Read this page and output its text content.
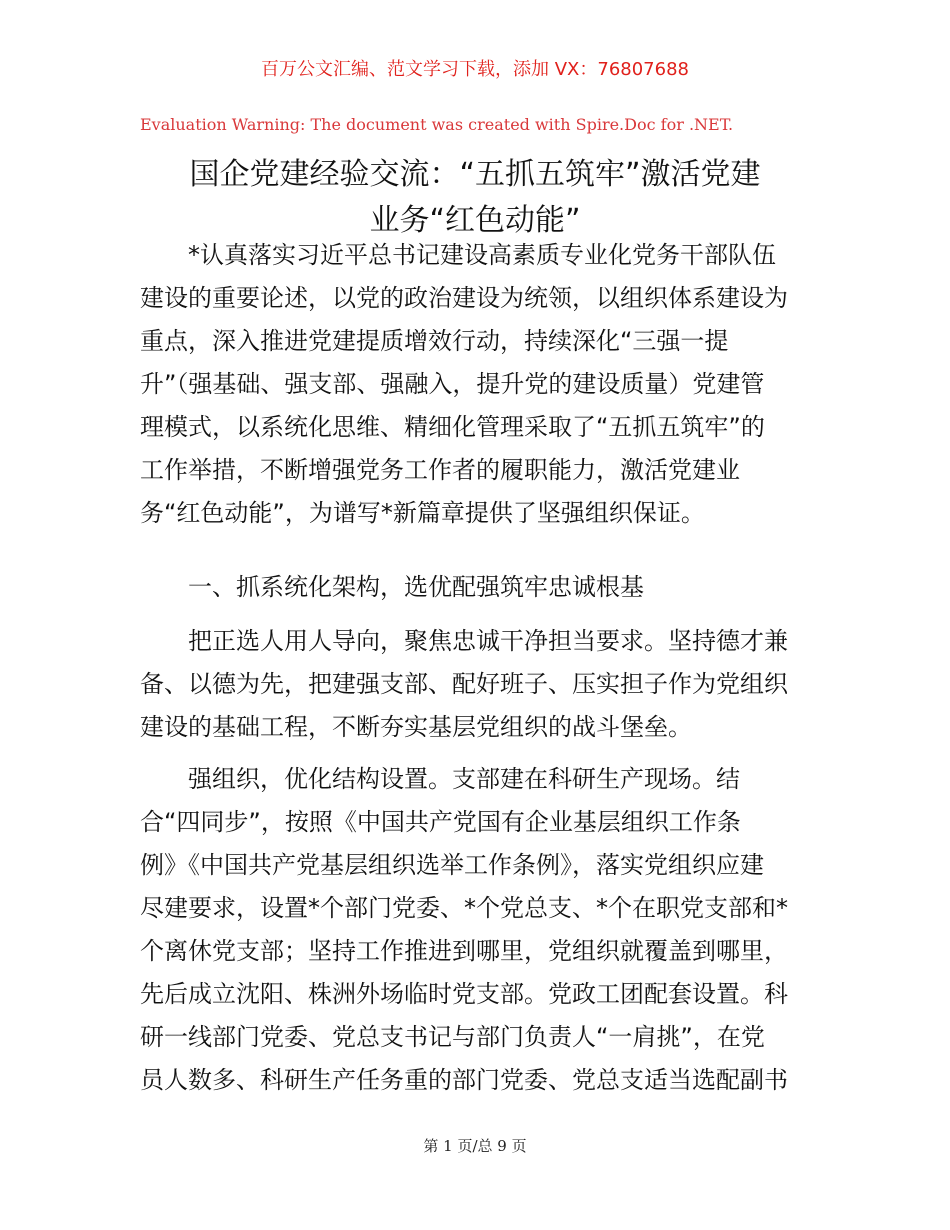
百万公文汇编、范文学习下载，添加 VX：76807688
Evaluation Warning: The document was created with Spire.Doc for .NET.
国企党建经验交流：“五抓五筑牢”激活党建
业务“红色动能”

*认真落实习近平总书记建设高素质专业化党务干部队伍
建设的重要论述，以党的政治建设为统领，以组织体系建设为
重点，深入推进党建提质增效行动，持续深化“三强一提
升”（强基础、强支部、强融入，提升党的建设质量）党建管
理模式，以系统化思维、精细化管理采取了“五抓五筑牢”的
工作举措，不断增强党务工作者的履职能力，激活党建业
务“红色动能”，为谱写*新篇章提供了坚强组织保证。

一、抓系统化架构，选优配强筑牢忠诚根基

把正选人用人导向，聚焦忠诚干净担当要求。坚持德才兼
备、以德为先，把建强支部、配好班子、压实担子作为党组织
建设的基础工程，不断夯实基层党组织的战斗堡垒。

强组织，优化结构设置。支部建在科研生产现场。结
合“四同步”，按照《中国共产党国有企业基层组织工作条
例》《中国共产党基层组织选举工作条例》，落实党组织应建
尽建要求，设置*个部门党委、*个党总支、*个在职党支部和*
个离休党支部；坚持工作推进到哪里，党组织就覆盖到哪里，
先后成立沈阳、株洲外场临时党支部。党政工团配套设置。科
研一线部门党委、党总支书记与部门负责人“一肩挑”，在党
员人数多、科研生产任务重的部门党委、党总支适当选配副书

第 1 页/总 9 页
